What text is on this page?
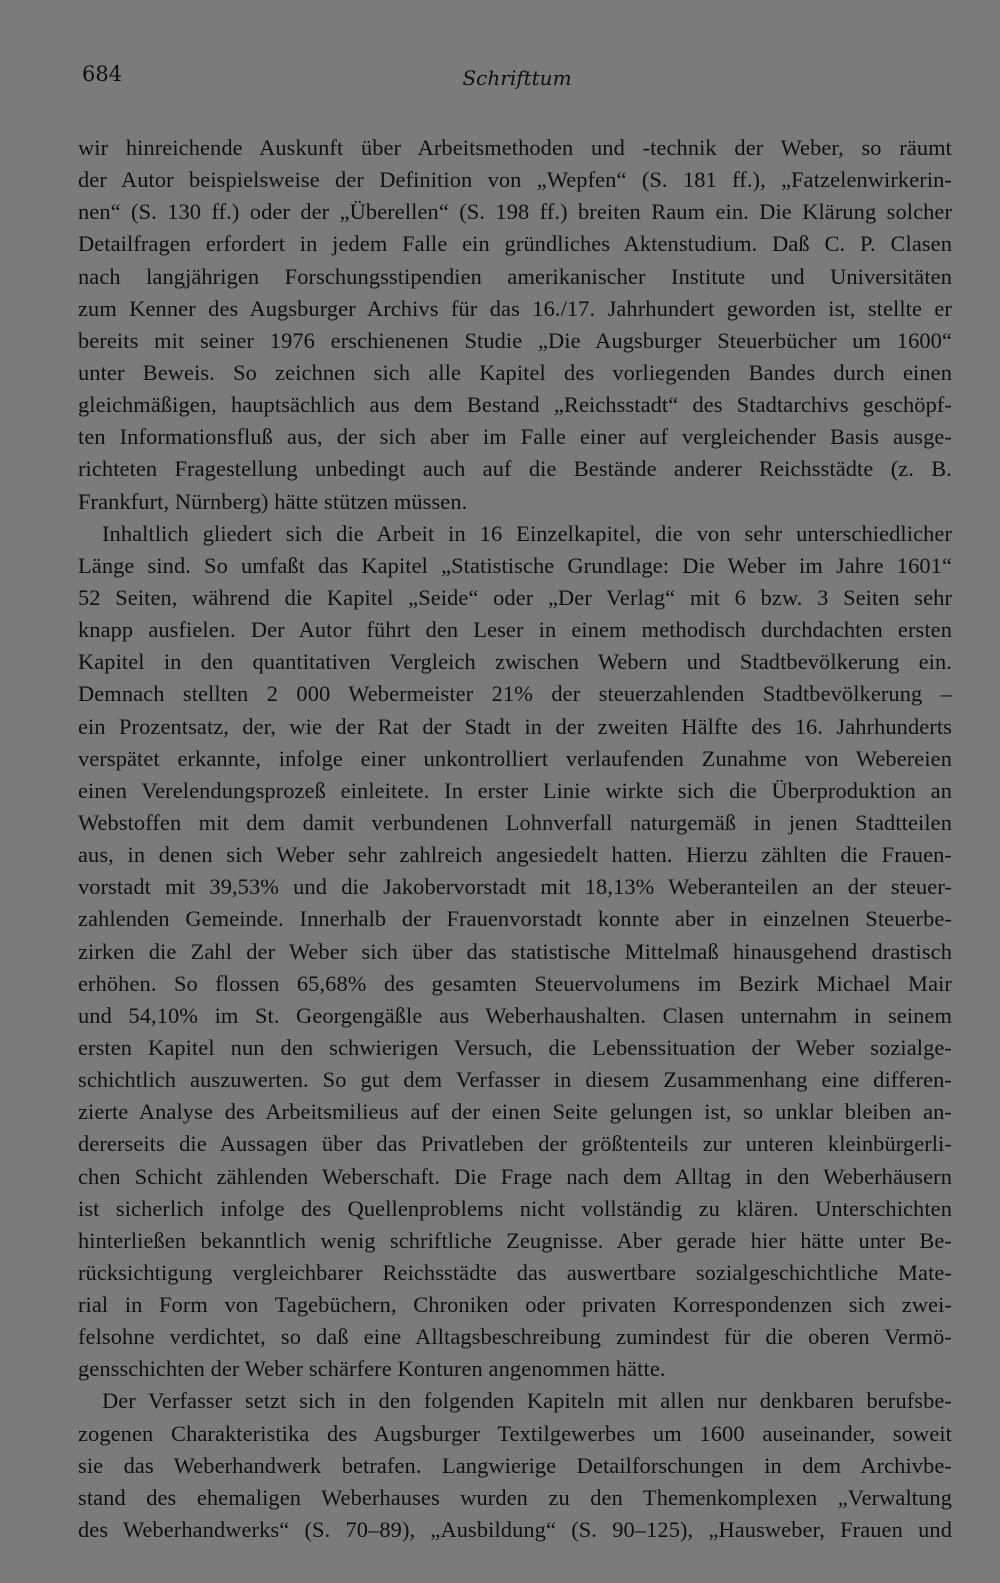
684	Schrifttum
wir hinreichende Auskunft über Arbeitsmethoden und -technik der Weber, so räumt
der Autor beispielsweise der Definition von „Wepfen“ (S. 181 ff.), „Fatzelenwirkerin-
nen“ (S. 130 ff.) oder der „Überellen“ (S. 198 ff.) breiten Raum ein. Die Klärung solcher
Detailfragen erfordert in jedem Falle ein gründliches Aktenstudium. Daß C. P. Clasen
nach langjährigen Forschungsstipendien amerikanischer Institute und Universitäten
zum Kenner des Augsburger Archivs für das 16./17. Jahrhundert geworden ist, stellte er
bereits mit seiner 1976 erschienenen Studie „Die Augsburger Steuerbücher um 1600“
unter Beweis. So zeichnen sich alle Kapitel des vorliegenden Bandes durch einen
gleichmäßigen, hauptsächlich aus dem Bestand „Reichsstadt“ des Stadtarchivs geschöpf-
ten Informationsfluß aus, der sich aber im Falle einer auf vergleichender Basis ausge-
richteten Fragestellung unbedingt auch auf die Bestände anderer Reichsstädte (z. B.
Frankfurt, Nürnberg) hätte stützen müssen.
Inhaltlich gliedert sich die Arbeit in 16 Einzelkapitel, die von sehr unterschiedlicher
Länge sind. So umfaßt das Kapitel „Statistische Grundlage: Die Weber im Jahre 1601“
52 Seiten, während die Kapitel „Seide“ oder „Der Verlag“ mit 6 bzw. 3 Seiten sehr
knapp ausfielen. Der Autor führt den Leser in einem methodisch durchdachten ersten
Kapitel in den quantitativen Vergleich zwischen Webern und Stadtbevölkerung ein.
Demnach stellten 2 000 Webermeister 21% der steuerzahlenden Stadtbevölkerung –
ein Prozentsatz, der, wie der Rat der Stadt in der zweiten Hälfte des 16. Jahrhunderts
verspätet erkannte, infolge einer unkontrolliert verlaufenden Zunahme von Webereien
einen Verelendungsprozeß einleitete. In erster Linie wirkte sich die Überproduktion an
Webstoffen mit dem damit verbundenen Lohnverfall naturgemäß in jenen Stadtteilen
aus, in denen sich Weber sehr zahlreich angesiedelt hatten. Hierzu zählten die Frauen-
vorstadt mit 39,53% und die Jakobervorstadt mit 18,13% Weberanteilen an der steuer-
zahlenden Gemeinde. Innerhalb der Frauenvorstadt konnte aber in einzelnen Steuerbe-
zirken die Zahl der Weber sich über das statistische Mittelmaß hinausgehend drastisch
erhöhen. So flossen 65,68% des gesamten Steuervolumens im Bezirk Michael Mair
und 54,10% im St. Georgengäßle aus Weberhaushalten. Clasen unternahm in seinem
ersten Kapitel nun den schwierigen Versuch, die Lebenssituation der Weber sozialge-
schichtlich auszuwerten. So gut dem Verfasser in diesem Zusammenhang eine differen-
zierte Analyse des Arbeitsmilieus auf der einen Seite gelungen ist, so unklar bleiben an-
dererseits die Aussagen über das Privatleben der größtenteils zur unteren kleinbürgerli-
chen Schicht zählenden Weberschaft. Die Frage nach dem Alltag in den Weberhäusern
ist sicherlich infolge des Quellenproblems nicht vollständig zu klären. Unterschichten
hinterließen bekanntlich wenig schriftliche Zeugnisse. Aber gerade hier hätte unter Be-
rücksichtigung vergleichbarer Reichsstädte das auswertbare sozialgeschichtliche Mate-
rial in Form von Tagebüchern, Chroniken oder privaten Korrespondenzen sich zwei-
felsohne verdichtet, so daß eine Alltagsbeschreibung zumindest für die oberen Vermö-
gensschichten der Weber schärfere Konturen angenommen hätte.
Der Verfasser setzt sich in den folgenden Kapiteln mit allen nur denkbaren berufsbe-
zogenen Charakteristika des Augsburger Textilgewerbes um 1600 auseinander, soweit
sie das Weberhandwerk betrafen. Langwierige Detailforschungen in dem Archivbe-
stand des ehemaligen Weberhauses wurden zu den Themenkomplexen „Verwaltung
des Weberhandwerks“ (S. 70–89), „Ausbildung“ (S. 90–125), „Hausweber, Frauen und
